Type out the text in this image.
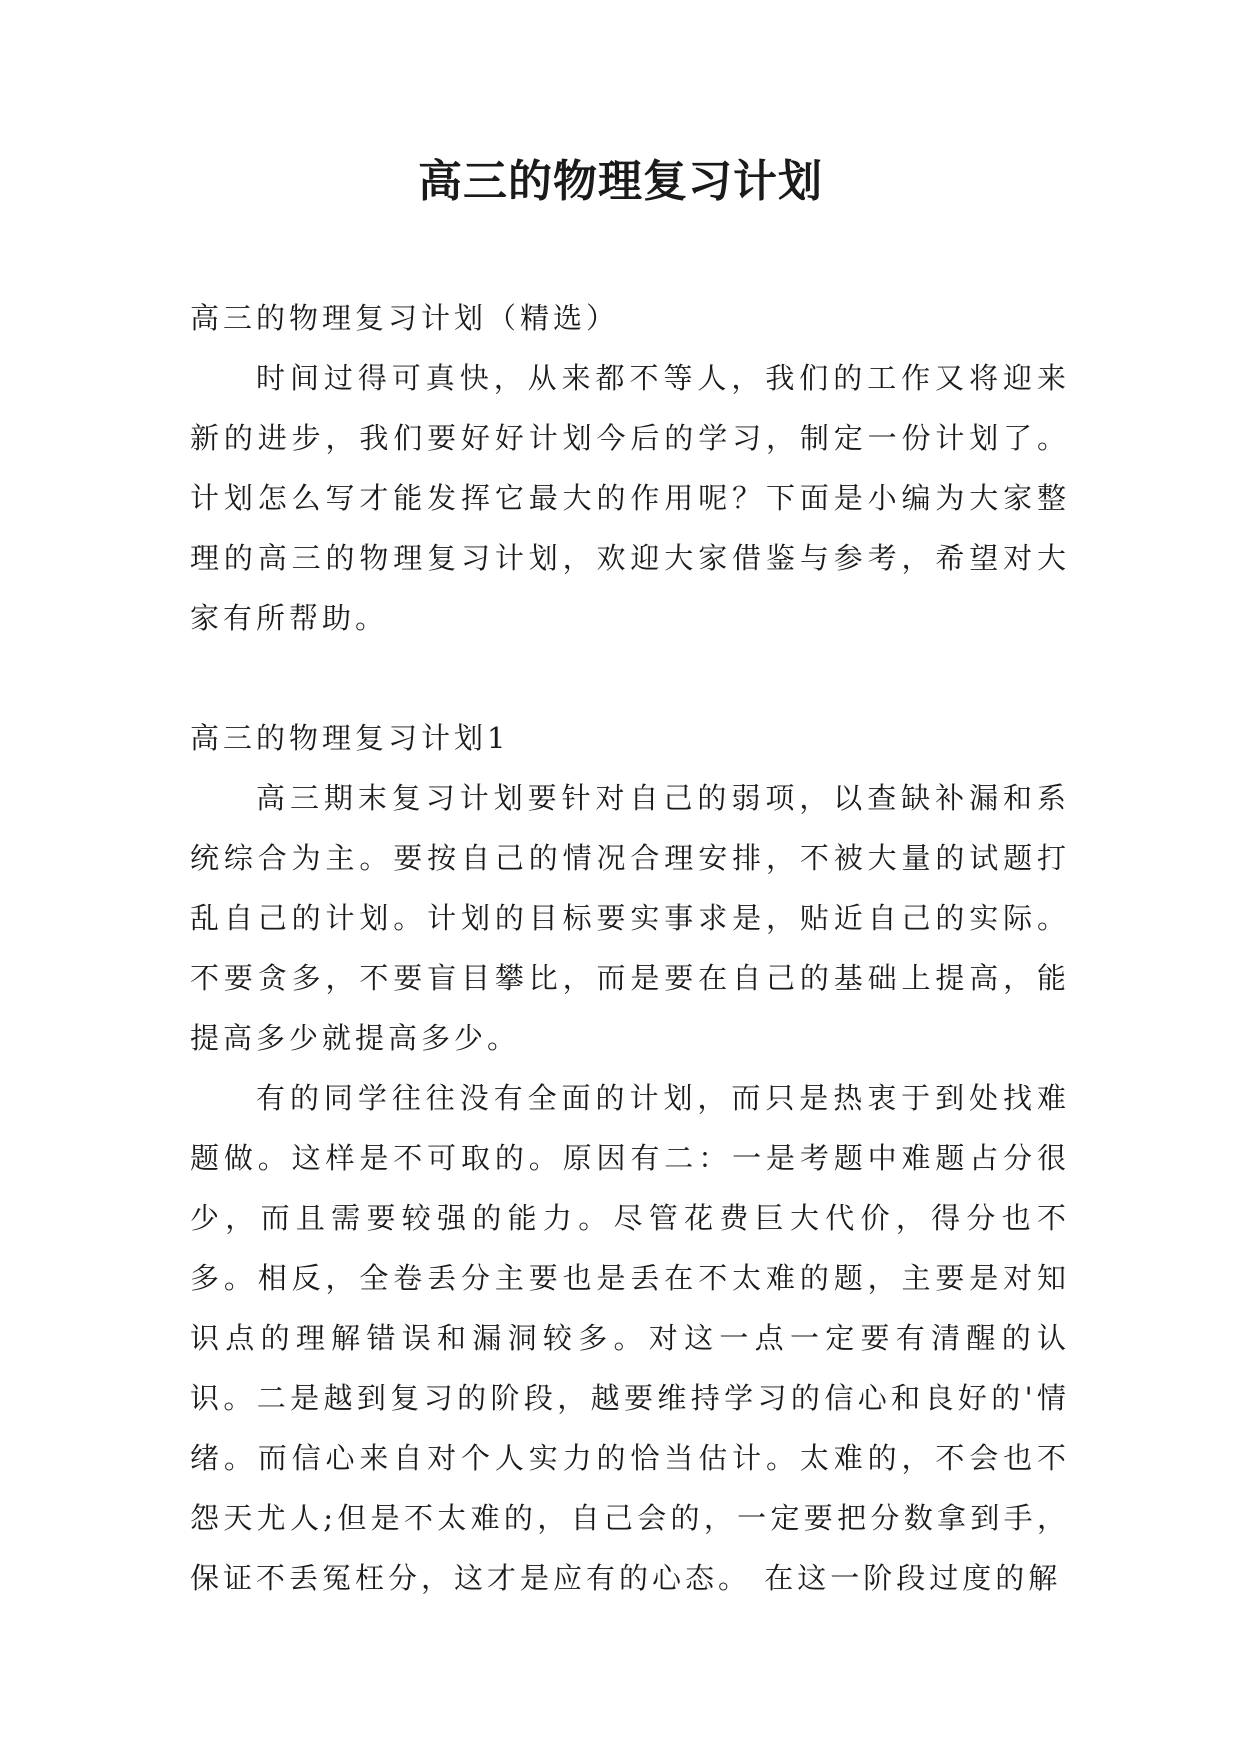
高三的物理复习计划
高三的物理复习计划（精选）

时间过得可真快，从来都不等人，我们的工作又将迎来新的进步，我们要好好计划今后的学习，制定一份计划了。计划怎么写才能发挥它最大的作用呢？下面是小编为大家整理的高三的物理复习计划，欢迎大家借鉴与参考，希望对大家有所帮助。

高三的物理复习计划1

高三期末复习计划要针对自己的弱项，以查缺补漏和系统综合为主。要按自己的情况合理安排，不被大量的试题打乱自己的计划。计划的目标要实事求是，贴近自己的实际。不要贪多，不要盲目攀比，而是要在自己的基础上提高，能提高多少就提高多少。

有的同学往往没有全面的计划，而只是热衷于到处找难题做。这样是不可取的。原因有二：一是考题中难题占分很少，而且需要较强的能力。尽管花费巨大代价，得分也不多。相反，全卷丢分主要也是丢在不太难的题，主要是对知识点的理解错误和漏洞较多。对这一点一定要有清醒的认识。二是越到复习的阶段，越要维持学习的信心和良好的'情绪。而信心来自对个人实力的恰当估计。太难的，不会也不怨天尤人;但是不太难的，自己会的，一定要把分数拿到手，保证不丢冤枉分，这才是应有的心态。 在这一阶段过度的解
